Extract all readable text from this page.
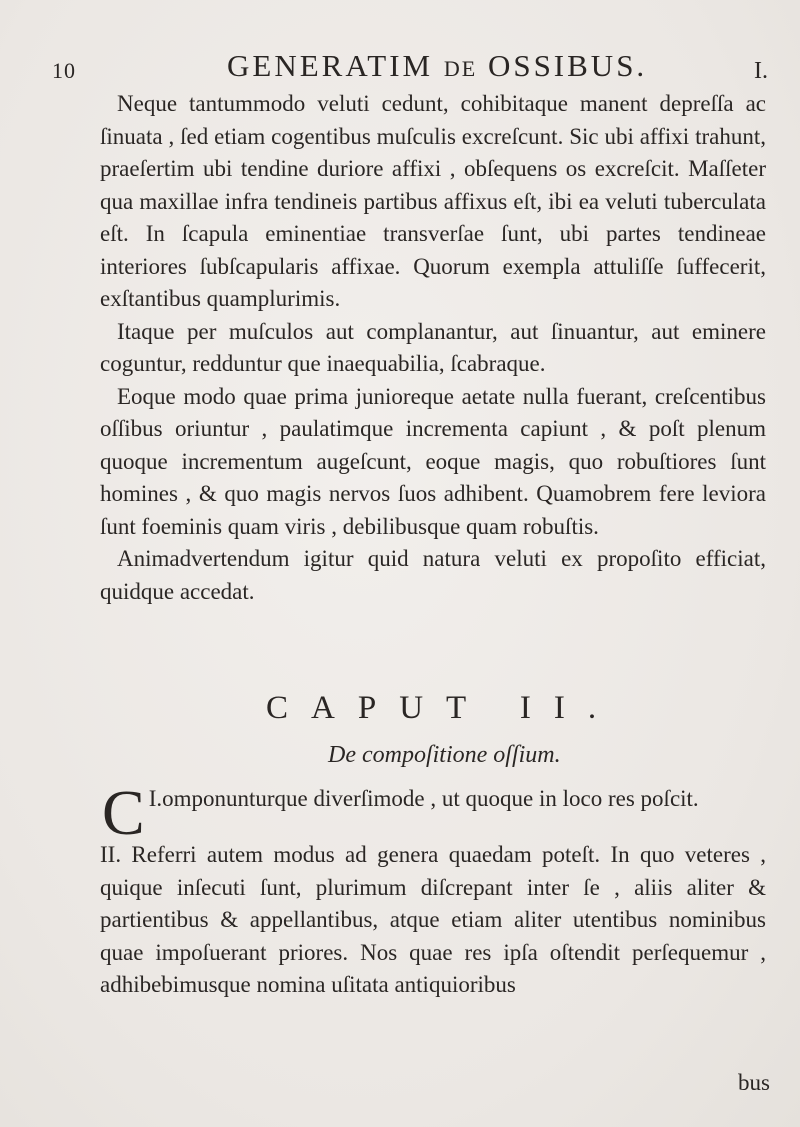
10	GENERATIM DE OSSIBUS.	I.

Neque tantummodo veluti cedunt, cohibitaque manent depreſſa ac ſinuata , ſed etiam cogentibus muſculis excreſcunt. Sic ubi affixi trahunt, praeſertim ubi tendine duriore affixi , obſequens os excreſcit. Maſſeter qua maxillae infra tendineis partibus affixus eſt, ibi ea veluti tuberculata eſt. In ſcapula eminentiae transverſae ſunt, ubi partes tendineae interiores ſubſcapularis affixae. Quorum exempla attuliſſe ſuffecerit, exſtantibus quamplurimis.

Itaque per muſculos aut complanantur, aut ſinuantur, aut eminere coguntur, redduntur que inaequabilia, ſcabraque.

Eoque modo quae prima junioreque aetate nulla fuerant, creſcentibus oſſibus oriuntur , paulatimque incrementa capiunt , & poſt plenum quoque incrementum augeſcunt, eoque magis, quo robuſtiores ſunt homines , & quo magis nervos ſuos adhibent. Quamobrem fere leviora ſunt foeminis quam viris , debilibusque quam robuſtis.

Animadvertendum igitur quid natura veluti ex propoſito efficiat, quidque accedat.

CAPUT II.
De compoſitione oſſium.

I.
C omponunturque diverſimode , ut quoque in loco res poſcit.

II. Referri autem modus ad genera quaedam poteſt. In quo veteres , quique inſecuti ſunt, plurimum diſcrepant inter ſe , aliis aliter & partientibus & appellantibus, atque etiam aliter utentibus nominibus quae impoſuerant priores. Nos quae res ipſa oſtendit perſequemur , adhibebimusque nomina uſitata antiquioribus

bus
